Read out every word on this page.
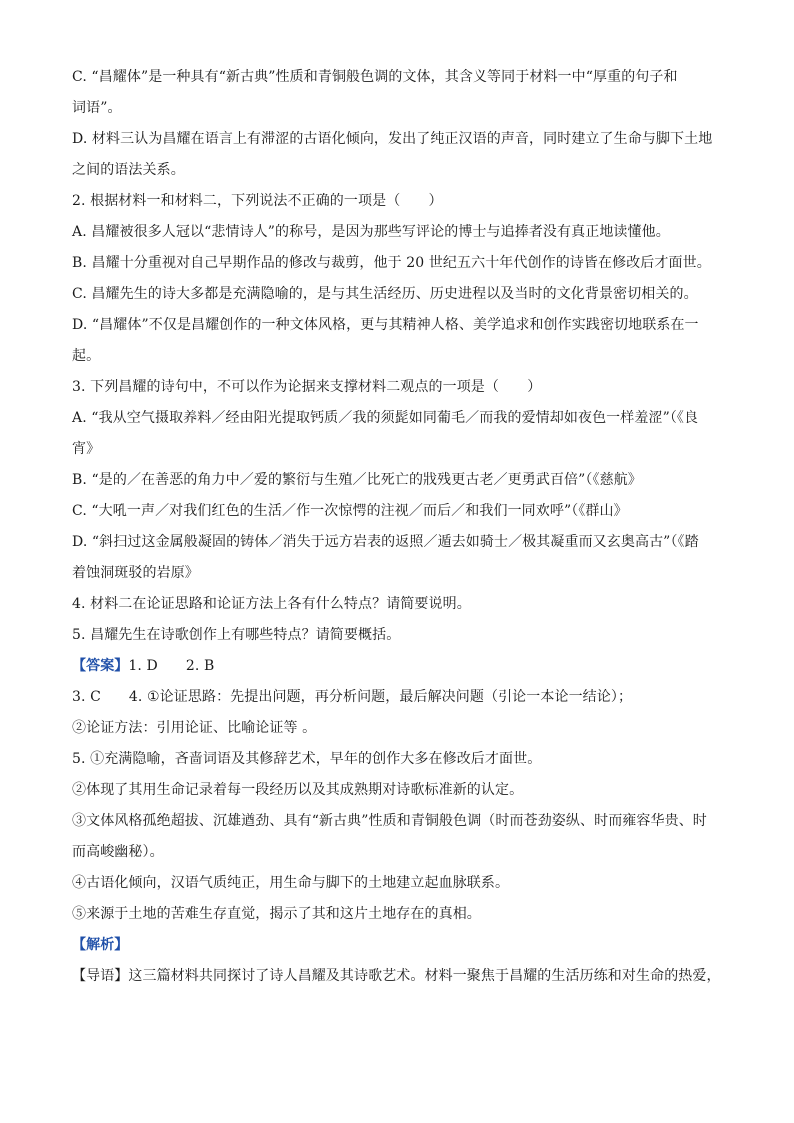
C. “昌耀体”是一种具有“新古典”性质和青铜般色调的文体，其含义等同于材料一中“厚重的句子和
词语”。
D. 材料三认为昌耀在语言上有滞涩的古语化倾向，发出了纯正汉语的声音，同时建立了生命与脚下土地
之间的语法关系。
2. 根据材料一和材料二，下列说法不正确的一项是（　　）
A. 昌耀被很多人冠以“悲情诗人”的称号，是因为那些写评论的博士与追捧者没有真正地读懂他。
B. 昌耀十分重视对自己早期作品的修改与裁剪，他于 20 世纪五六十年代创作的诗皆在修改后才面世。
C. 昌耀先生的诗大多都是充满隐喻的，是与其生活经历、历史进程以及当时的文化背景密切相关的。
D. “昌耀体”不仅是昌耀创作的一种文体风格，更与其精神人格、美学追求和创作实践密切地联系在一
起。
3. 下列昌耀的诗句中，不可以作为论据来支撑材料二观点的一项是（　　）
A. “我从空气摄取养料／经由阳光提取钙质／我的须髭如同葡毛／而我的爱情却如夜色一样羞涩”（《良
宵》
B. “是的／在善恶的角力中／爱的繁衍与生殖／比死亡的戕残更古老／更勇武百倍”（《慈航》
C. “大吼一声／对我们红色的生活／作一次惊愕的注视／而后／和我们一同欢呼”（《群山》
D. “斜扫过这金属般凝固的铸体／消失于远方岩表的返照／遁去如骑士／极其凝重而又玄奥高古”（《踏
着蚀洞斑驳的岩原》
4. 材料二在论证思路和论证方法上各有什么特点？请简要说明。
5. 昌耀先生在诗歌创作上有哪些特点？请简要概括。
【答案】1. D 2. B
3. C 4. ①论证思路：先提出问题，再分析问题，最后解决问题（引论一本论一结论）；
②论证方法：引用论证、比喻论证等 。
5. ①充满隐喻，吝啬词语及其修辞艺术，早年的创作大多在修改后才面世。
②体现了其用生命记录着每一段经历以及其成熟期对诗歌标准新的认定。
③文体风格孤绝超拔、沉雄遒劲、具有“新古典”性质和青铜般色调（时而苍劲姿纵、时而雍容华贵、时
而高峻幽秘）。
④古语化倾向，汉语气质纯正，用生命与脚下的土地建立起血脉联系。
⑤来源于土地的苦难生存直觉，揭示了其和这片土地存在的真相。
【解析】
【导语】这三篇材料共同探讨了诗人昌耀及其诗歌艺术。材料一聚焦于昌耀的生活历练和对生命的热爱，
